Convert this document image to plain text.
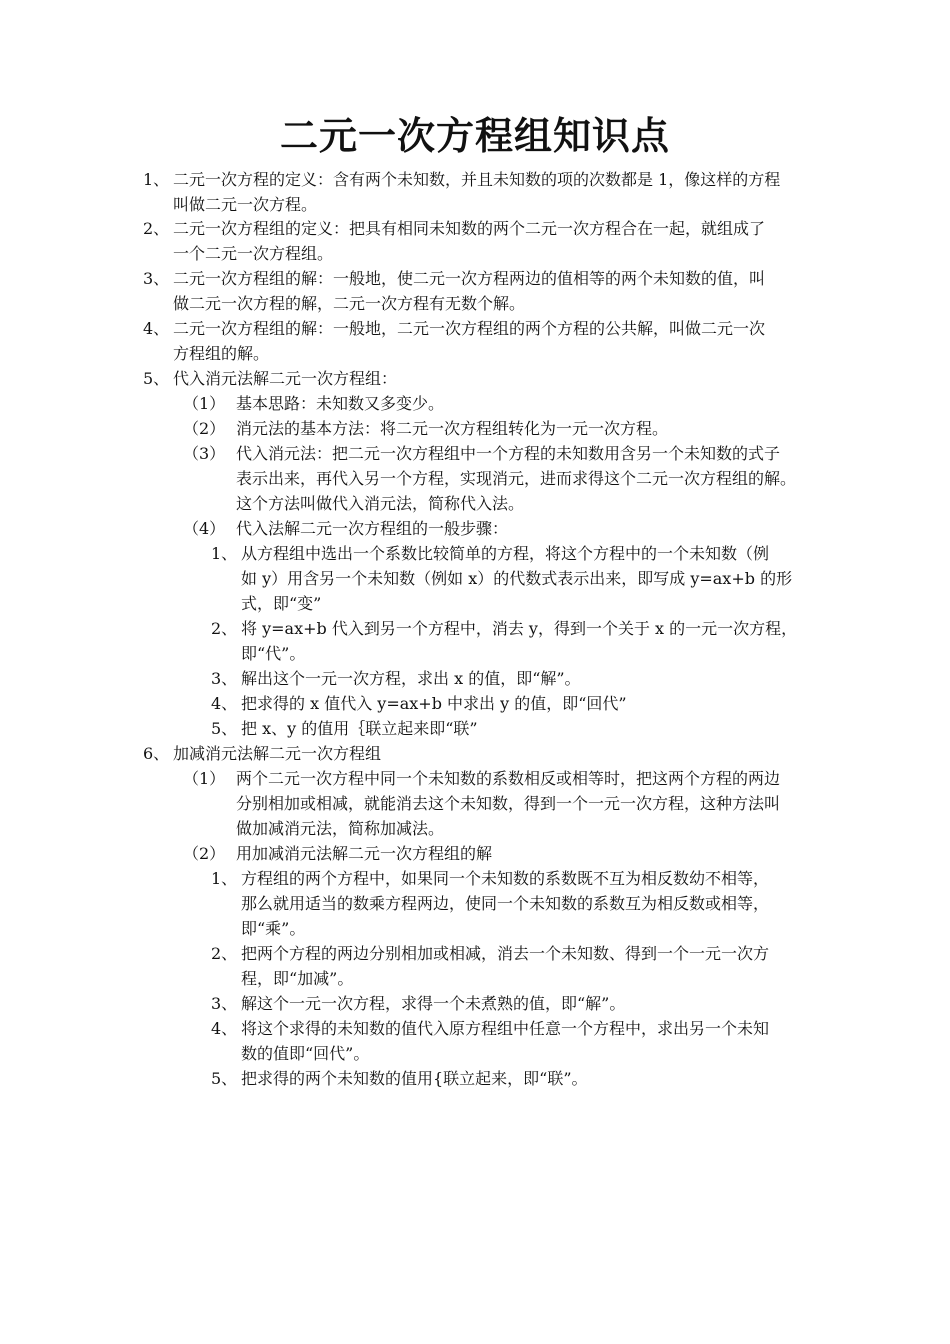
二元一次方程组知识点
1、 二元一次方程的定义：含有两个未知数，并且未知数的项的次数都是 1，像这样的方程
叫做二元一次方程。
2、 二元一次方程组的定义：把具有相同未知数的两个二元一次方程合在一起，就组成了
一个二元一次方程组。
3、 二元一次方程组的解：一般地，使二元一次方程两边的值相等的两个未知数的值，叫
做二元一次方程的解，二元一次方程有无数个解。
4、 二元一次方程组的解：一般地，二元一次方程组的两个方程的公共解，叫做二元一次
方程组的解。
5、 代入消元法解二元一次方程组：
（1） 基本思路：未知数又多变少。
（2） 消元法的基本方法：将二元一次方程组转化为一元一次方程。
（3） 代入消元法：把二元一次方程组中一个方程的未知数用含另一个未知数的式子
表示出来，再代入另一个方程，实现消元，进而求得这个二元一次方程组的解。
这个方法叫做代入消元法，简称代入法。
（4） 代入法解二元一次方程组的一般步骤：
1、 从方程组中选出一个系数比较简单的方程，将这个方程中的一个未知数（例
如 y）用含另一个未知数（例如 x）的代数式表示出来，即写成 y=ax+b 的形
式，即“变”
2、 将 y=ax+b 代入到另一个方程中，消去 y，得到一个关于 x 的一元一次方程，
即“代”。
3、 解出这个一元一次方程，求出 x 的值，即“解”。
4、 把求得的 x 值代入 y=ax+b 中求出 y 的值，即“回代”
5、 把 x、y 的值用｛联立起来即“联”
6、 加减消元法解二元一次方程组
（1） 两个二元一次方程中同一个未知数的系数相反或相等时，把这两个方程的两边
分别相加或相减，就能消去这个未知数，得到一个一元一次方程，这种方法叫
做加减消元法，简称加减法。
（2） 用加减消元法解二元一次方程组的解
1、 方程组的两个方程中，如果同一个未知数的系数既不互为相反数幼不相等，
那么就用适当的数乘方程两边，使同一个未知数的系数互为相反数或相等，
即“乘”。
2、 把两个方程的两边分别相加或相减，消去一个未知数、得到一个一元一次方
程，即“加减”。
3、 解这个一元一次方程，求得一个未煮熟的值，即“解”。
4、 将这个求得的未知数的值代入原方程组中任意一个方程中，求出另一个未知
数的值即“回代”。
5、 把求得的两个未知数的值用{联立起来，即“联”。
